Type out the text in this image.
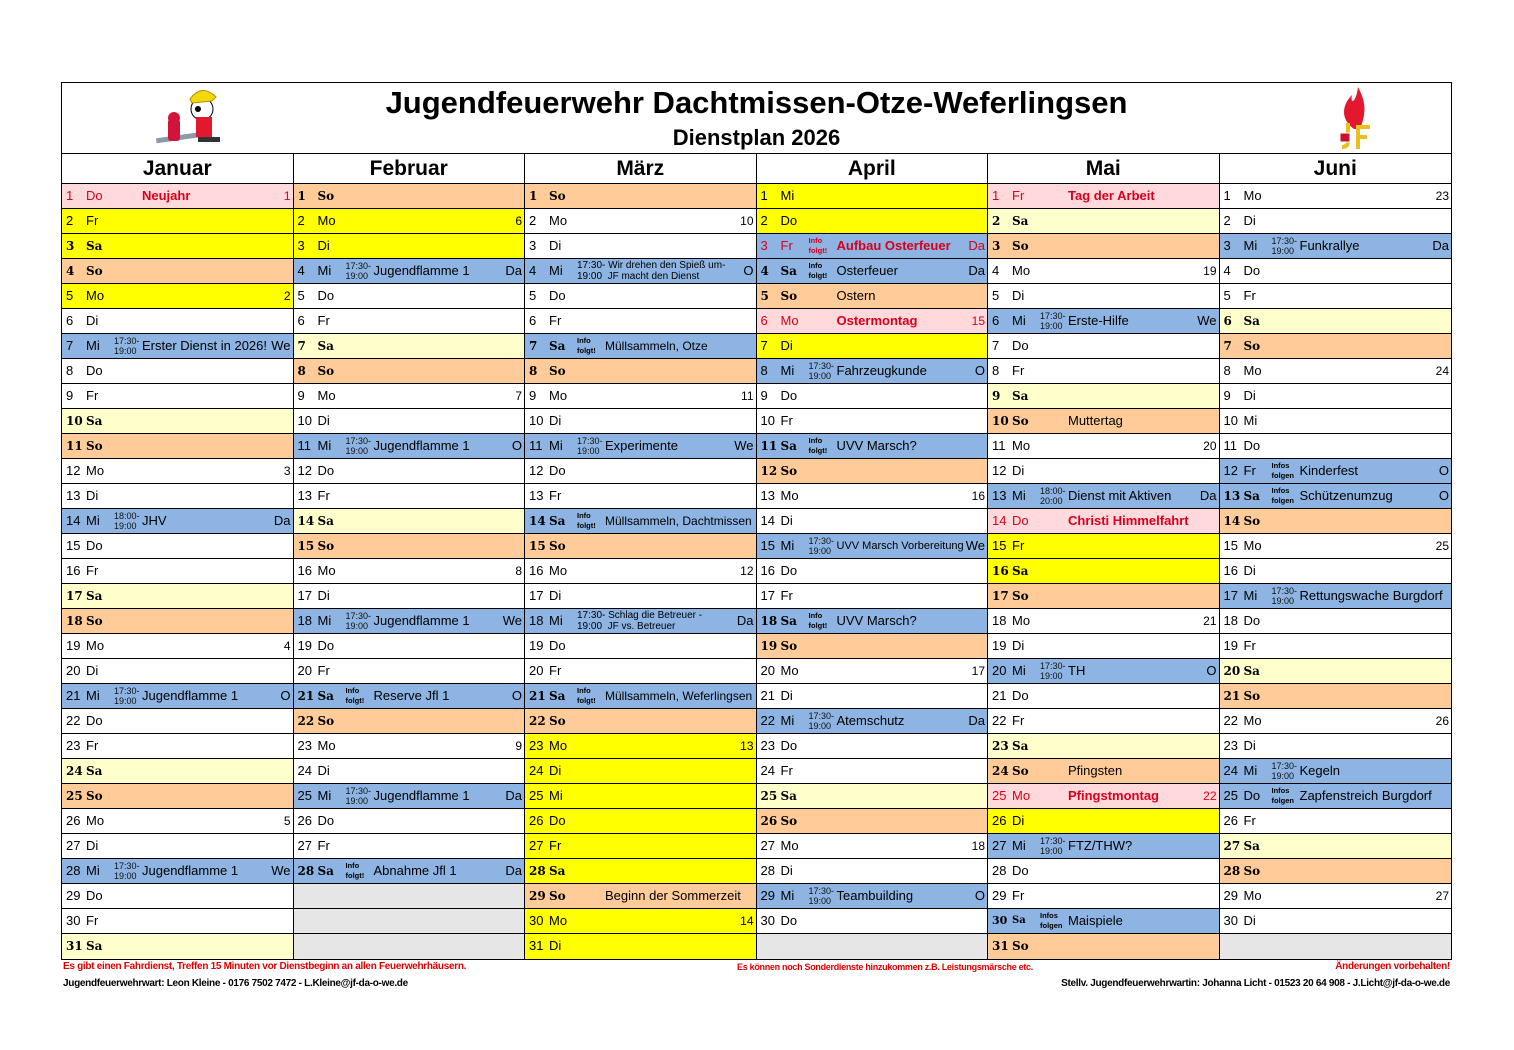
Jugendfeuerwehr Dachtmissen-Otze-Weferlingsen
Dienstplan 2026
Januar
1 Do	Neujahr	1
2 Fr
3 Sa
4 So
5 Mo	2
6 Di
7 Mi 17:30-
19:00 Erster Dienst in 2026! We
8 Do
9 Fr
10 Sa
11 So
12 Mo	3
13 Di
14 Mi 18:00-
19:00 JHV	Da
15 Do
16 Fr
17 Sa
18 So
19 Mo	4
20 Di
21 Mi 17:30-
19:00 Jugendflamme 1	O
22 Do
23 Fr
24 Sa
25 So
26 Mo	5
27 Di
28 Mi 17:30-
19:00 Jugendflamme 1	We
29 Do
30 Fr
31 Sa
Februar
1 So
2 Mo	6
3 Di
4 Mi 17:30-
19:00 Jugendflamme 1	Da
5 Do
6 Fr
7 Sa
8 So
9 Mo	7
10 Di
11 Mi 17:30-
19:00 Jugendflamme 1	O
12 Do
13 Fr
14 Sa
15 So
16 Mo	8
17 Di
18 Mi 17:30-
19:00 Jugendflamme 1	We
19 Do
20 Fr
21 Sa Info
folgt! Reserve Jfl 1	O
22 So
23 Mo	9
24 Di
25 Mi 17:30-
19:00 Jugendflamme 1	Da
26 Do
27 Fr
28 Sa Info
folgt! Abnahme Jfl 1	Da
März
1 So
2 Mo	10
3 Di
4 Mi 17:30- Wir drehen den Spieß um-
19:00  JF macht den Dienst	O
5 Do
6 Fr
7 Sa Info
folgt! Müllsammeln, Otze
8 So
9 Mo	11
10 Di
11 Mi 17:30-
19:00 Experimente	We
12 Do
13 Fr
14 Sa Info
folgt! Müllsammeln, Dachtmissen
15 So
16 Mo	12
17 Di
18 Mi 17:30- Schlag die Betreuer -
19:00  JF vs. Betreuer	Da
19 Do
20 Fr
21 Sa Info
folgt! Müllsammeln, Weferlingsen
22 So
23 Mo	13
24 Di
25 Mi
26 Do
27 Fr
28 Sa
29 So	Beginn der Sommerzeit
30 Mo	14
31 Di
April
1 Mi
2 Do
3 Fr Info
folgt! Aufbau Osterfeuer Da
4 Sa Info
folgt! Osterfeuer	Da
5 So	Ostern
6 Mo	Ostermontag	15
7 Di
8 Mi 17:30-
19:00 Fahrzeugkunde	O
9 Do
10 Fr
11 Sa Info
folgt! UVV Marsch?
12 So
13 Mo	16
14 Di
15 Mi 17:30-
19:00 UVV Marsch Vorbereitung We
16 Do
17 Fr
18 Sa Info
folgt! UVV Marsch?
19 So
20 Mo	17
21 Di
22 Mi 17:30-
19:00 Atemschutz	Da
23 Do
24 Fr
25 Sa
26 So
27 Mo	18
28 Di
29 Mi 17:30-
19:00 Teambuilding	O
30 Do
Mai
1 Fr	Tag der Arbeit
2 Sa
3 So
4 Mo	19
5 Di
6 Mi 17:30-
19:00 Erste-Hilfe	We
7 Do
8 Fr
9 Sa
10 So	Muttertag
11 Mo	20
12 Di
13 Mi 18:00-
20:00 Dienst mit Aktiven Da
14 Do	Christi Himmelfahrt
15 Fr
16 Sa
17 So
18 Mo	21
19 Di
20 Mi 17:30-
19:00 TH	O
21 Do
22 Fr
23 Sa
24 So	Pfingsten
25 Mo	Pfingstmontag	22
26 Di
27 Mi 17:30-
19:00 FTZ/THW?
28 Do
29 Fr
30 Sa Infos
folgen Maispiele
31 So
Juni
1 Mo	23
2 Di
3 Mi 17:30-
19:00 Funkrallye	Da
4 Do
5 Fr
6 Sa
7 So
8 Mo	24
9 Di
10 Mi
11 Do
12 Fr Infos
folgen Kinderfest	O
13 Sa Infos
folgen Schützenumzug	O
14 So
15 Mo	25
16 Di
17 Mi 17:30-
19:00 Rettungswache Burgdorf
18 Do
19 Fr
20 Sa
21 So
22 Mo	26
23 Di
24 Mi 17:30-
19:00 Kegeln
25 Do Infos
folgen Zapfenstreich Burgdorf
26 Fr
27 Sa
28 So
29 Mo	27
30 Di
Es gibt einen Fahrdienst, Treffen 15 Minuten vor Dienstbeginn an allen Feuerwehrhäusern.	Es können noch Sonderdienste hinzukommen z.B. Leistungsmärsche etc.	Änderungen vorbehalten!
Jugendfeuerwehrwart: Leon Kleine - 0176 7502 7472 - L.Kleine@jf-da-o-we.de	Stellv. Jugendfeuerwehrwartin: Johanna Licht - 01523 20 64 908 - J.Licht@jf-da-o-we.de
